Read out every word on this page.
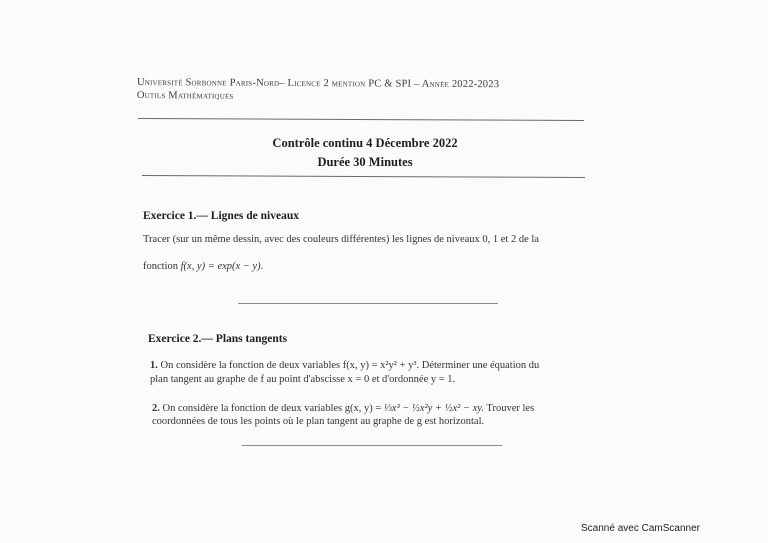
Université Sorbonne Paris-Nord– Licence 2 mention PC & SPI – Année 2022-2023
Outils Mathématiques
Contrôle continu 4 Décembre 2022
Durée 30 Minutes
Exercice 1.— Lignes de niveaux
Tracer (sur un même dessin, avec des couleurs différentes) les lignes de niveaux 0, 1 et 2 de la
fonction f(x, y) = exp(x − y).
Exercice 2.— Plans tangents
1. On considère la fonction de deux variables f(x, y) = x²y² + y³. Déterminer une équation du
plan tangent au graphe de f au point d'abscisse x = 0 et d'ordonnée y = 1.
2. On considère la fonction de deux variables g(x, y) = ⅓x³ − ½x²y + ½x² − xy. Trouver les
coordonnées de tous les points où le plan tangent au graphe de g est horizontal.
Scanné avec CamScanner
